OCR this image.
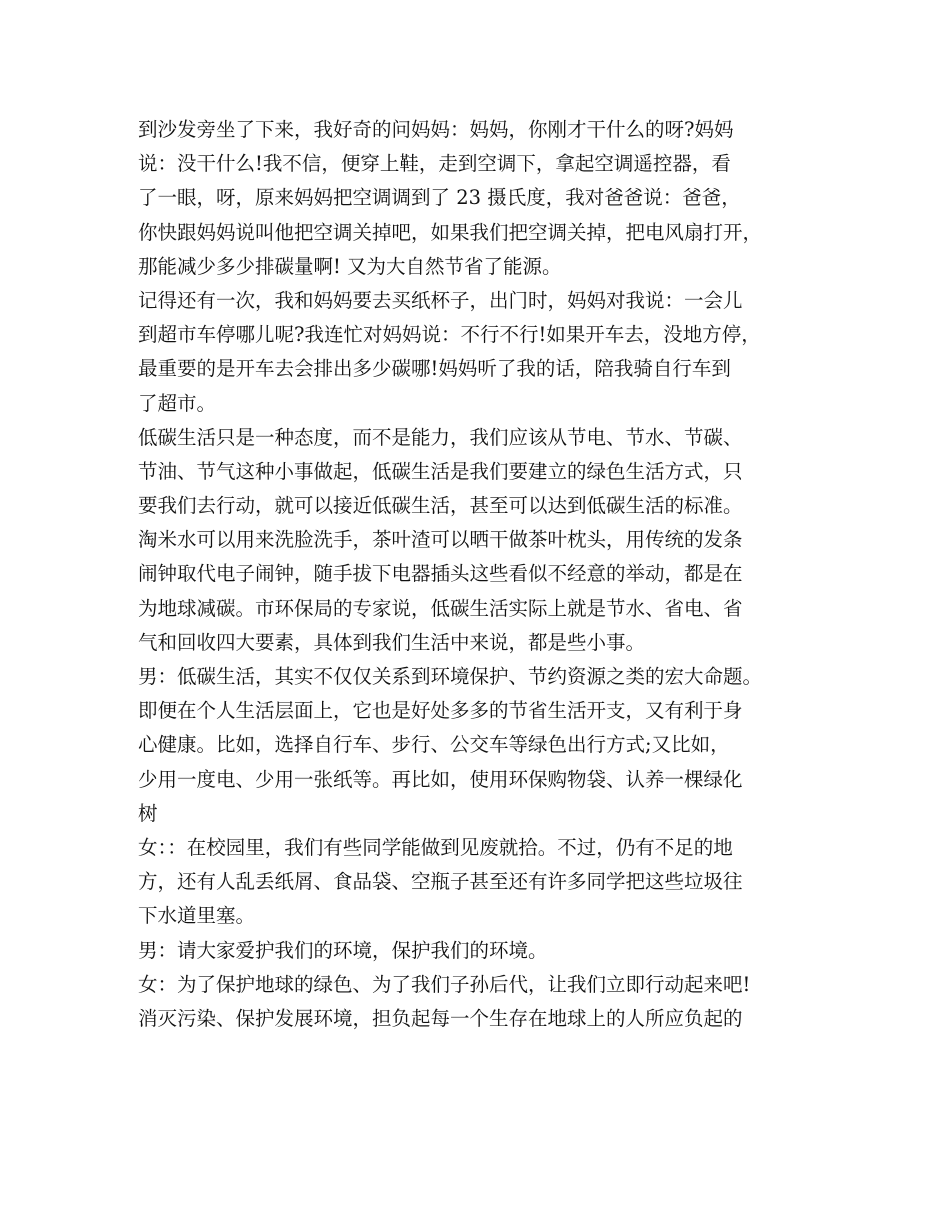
到沙发旁坐了下来，我好奇的问妈妈：妈妈，你刚才干什么的呀?妈妈
说：没干什么!我不信，便穿上鞋，走到空调下，拿起空调遥控器，看
了一眼，呀，原来妈妈把空调调到了 23 摄氏度，我对爸爸说：爸爸，
你快跟妈妈说叫他把空调关掉吧，如果我们把空调关掉，把电风扇打开，
那能减少多少排碳量啊! 又为大自然节省了能源。
记得还有一次，我和妈妈要去买纸杯子，出门时，妈妈对我说：一会儿
到超市车停哪儿呢?我连忙对妈妈说：不行不行!如果开车去，没地方停，
最重要的是开车去会排出多少碳哪!妈妈听了我的话，陪我骑自行车到
了超市。
低碳生活只是一种态度，而不是能力，我们应该从节电、节水、节碳、
节油、节气这种小事做起，低碳生活是我们要建立的绿色生活方式，只
要我们去行动，就可以接近低碳生活，甚至可以达到低碳生活的标准。
淘米水可以用来洗脸洗手，茶叶渣可以晒干做茶叶枕头，用传统的发条
闹钟取代电子闹钟，随手拔下电器插头这些看似不经意的举动，都是在
为地球减碳。市环保局的专家说，低碳生活实际上就是节水、省电、省
气和回收四大要素，具体到我们生活中来说，都是些小事。
男：低碳生活，其实不仅仅关系到环境保护、节约资源之类的宏大命题。
即便在个人生活层面上，它也是好处多多的节省生活开支，又有利于身
心健康。比如，选择自行车、步行、公交车等绿色出行方式;又比如，
少用一度电、少用一张纸等。再比如，使用环保购物袋、认养一棵绿化
树
女：：在校园里，我们有些同学能做到见废就拾。不过，仍有不足的地
方，还有人乱丢纸屑、食品袋、空瓶子甚至还有许多同学把这些垃圾往
下水道里塞。
男：请大家爱护我们的环境，保护我们的环境。
女：为了保护地球的绿色、为了我们子孙后代，让我们立即行动起来吧!
消灭污染、保护发展环境，担负起每一个生存在地球上的人所应负起的
